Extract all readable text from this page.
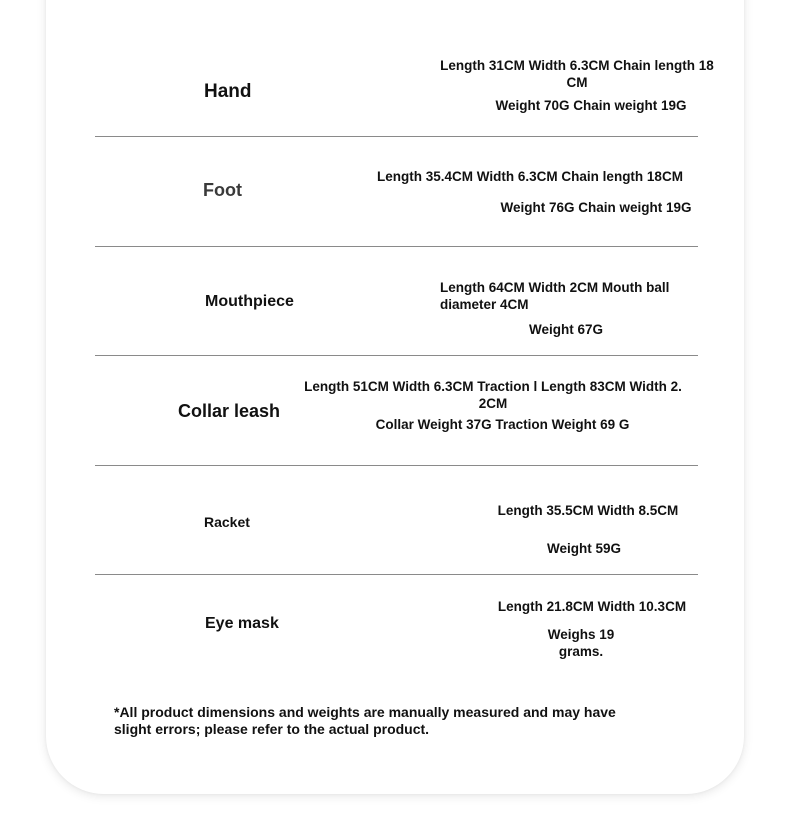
Hand
Length 31CM Width 6.3CM Chain length 18 CM
Weight 70G Chain weight 19G
Foot
Length 35.4CM Width 6.3CM Chain length 18CM
Weight 76G Chain weight 19G
Mouthpiece
Length 64CM Width 2CM Mouth ball diameter 4CM
Weight 67G
Collar leash
Length 51CM Width 6.3CM Traction l Length 83CM Width 2. 2CM
Collar Weight 37G Traction Weight 69 G
Racket
Length 35.5CM Width 8.5CM
Weight 59G
Eye mask
Length 21.8CM Width 10.3CM
Weighs 19 grams.
*All product dimensions and weights are manually measured and may have slight errors; please refer to the actual product.
